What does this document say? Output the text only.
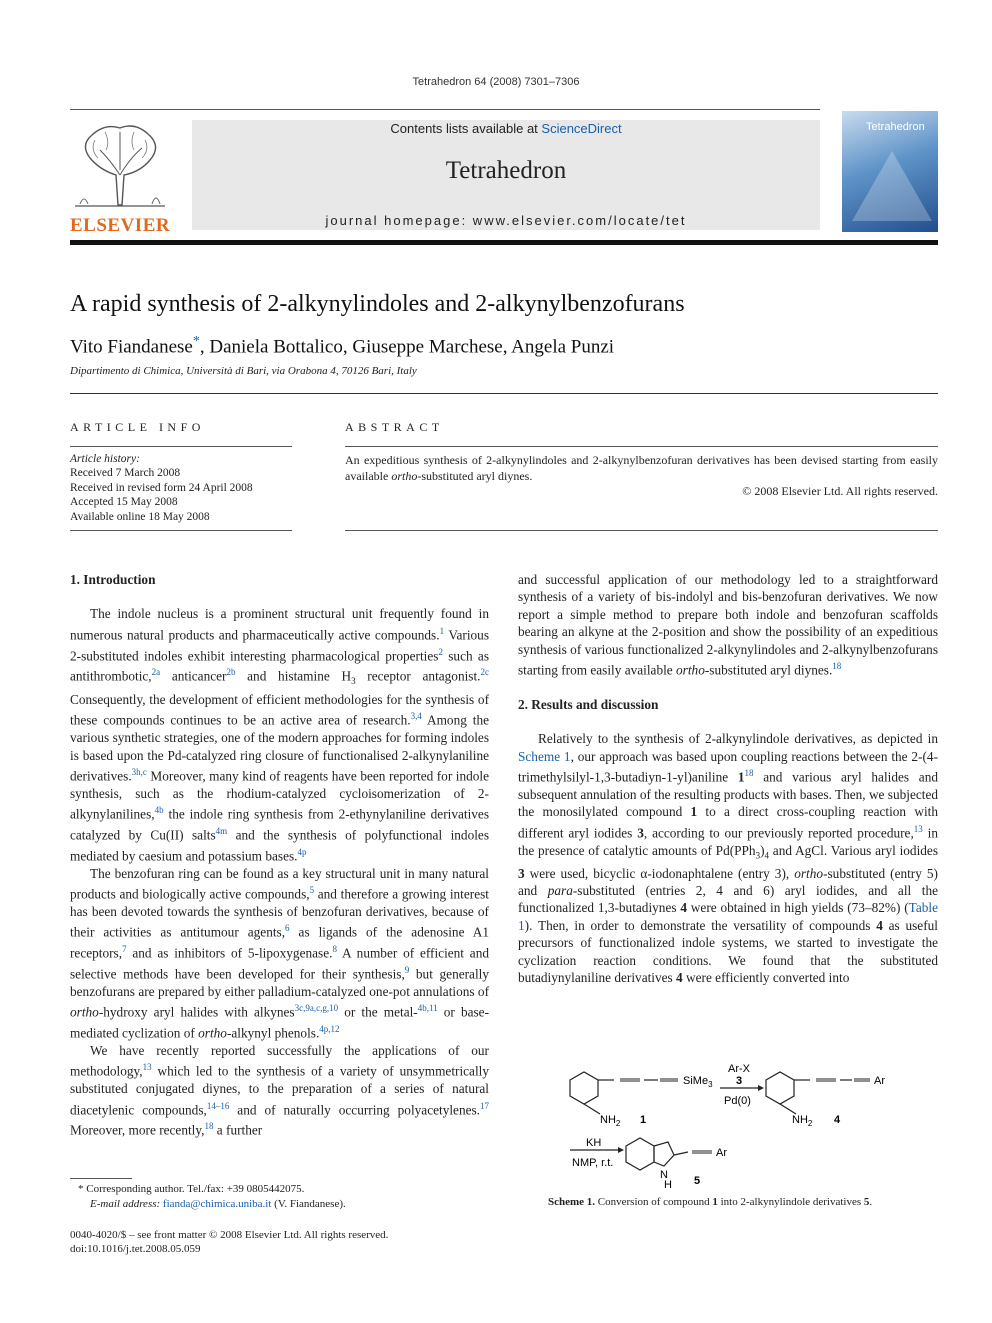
Tetrahedron 64 (2008) 7301–7306
ELSEVIER
Contents lists available at ScienceDirect
Tetrahedron
journal homepage: www.elsevier.com/locate/tet
Tetrahedron
A rapid synthesis of 2-alkynylindoles and 2-alkynylbenzofurans
Vito Fiandanese*, Daniela Bottalico, Giuseppe Marchese, Angela Punzi
Dipartimento di Chimica, Università di Bari, via Orabona 4, 70126 Bari, Italy
ARTICLE INFO	ABSTRACT
Article history:
Received 7 March 2008
Received in revised form 24 April 2008
Accepted 15 May 2008
Available online 18 May 2008
An expeditious synthesis of 2-alkynylindoles and 2-alkynylbenzofuran derivatives has been devised starting from easily available ortho-substituted aryl diynes.
© 2008 Elsevier Ltd. All rights reserved.

1. Introduction

The indole nucleus is a prominent structural unit frequently found in numerous natural products and pharmaceutically active compounds.$^1$ Various 2-substituted indoles exhibit interesting pharmacological properties$^2$ such as antithrombotic,$^{2a}$ anticancer$^{2b}$ and histamine $H_3$ receptor antagonist.$^{2c}$ Consequently, the development of efficient methodologies for the synthesis of these compounds continues to be an active area of research.$^{3,4}$ Among the various synthetic strategies, one of the modern approaches for forming indoles is based upon the Pd-catalyzed ring closure of functionalised 2-alkynylaniline derivatives.$^{3h,c}$ Moreover, many kind of reagents have been reported for indole synthesis, such as the rhodium-catalyzed cycloisomerization of 2-alkynylanilines,$^{4b}$ the indole ring synthesis from 2-ethynylaniline derivatives catalyzed by Cu(II) salts$^{4m}$ and the synthesis of polyfunctional indoles mediated by caesium and potassium bases.$^{4p}$

The benzofuran ring can be found as a key structural unit in many natural products and biologically active compounds,$^5$ and therefore a growing interest has been devoted towards the synthesis of benzofuran derivatives, because of their activities as antitumour agents,$^6$ as ligands of the adenosine A1 receptors,$^7$ and as inhibitors of 5-lipoxygenase.$^8$ A number of efficient and selective methods have been developed for their synthesis,$^9$ but generally benzofurans are prepared by either palladium-catalyzed one-pot annulations of ortho-hydroxy aryl halides with alkynes$^{3c,9a,c,g,10}$ or the metal-$^{4b,11}$ or base-mediated cyclization of ortho-alkynyl phenols.$^{4p,12}$

We have recently reported successfully the applications of our methodology,$^{13}$ which led to the synthesis of a variety of unsymmetrically substituted conjugated diynes, to the preparation of a series of natural diacetylenic compounds,$^{14-16}$ and of naturally occurring polyacetylenes.$^{17}$ Moreover, more recently,$^{18}$ a further

and successful application of our methodology led to a straightforward synthesis of a variety of bis-indolyl and bis-benzofuran derivatives. We now report a simple method to prepare both indole and benzofuran scaffolds bearing an alkyne at the 2-position and show the possibility of an expeditious synthesis of various functionalized 2-alkynylindoles and 2-alkynylbenzofurans starting from easily available ortho-substituted aryl diynes.$^{18}$

2. Results and discussion

Relatively to the synthesis of 2-alkynylindole derivatives, as depicted in Scheme 1, our approach was based upon coupling reactions between the 2-(4-trimethylsilyl-1,3-butadiyn-1-yl)aniline $1^{18}$ and various aryl halides and subsequent annulation of the resulting products with bases. Then, we subjected the monosilylated compound 1 to a direct cross-coupling reaction with different aryl iodides 3, according to our previously reported procedure,$^{13}$ in the presence of catalytic amounts of $Pd(PPh_3)_4$ and AgCl. Various aryl iodides 3 were used, bicyclic α-iodonaphtalene (entry 3), ortho-substituted (entry 5) and para-substituted (entries 2, 4 and 6) aryl iodides, and all the functionalized 1,3-butadiynes 4 were obtained in high yields (73–82%) (Table 1). Then, in order to demonstrate the versatility of compounds 4 as useful precursors of functionalized indole systems, we started to investigate the cyclization reaction conditions. We found that the substituted butadiynylaniline derivatives 4 were efficiently converted into

SiMe$_3$
$NH_2$ 1
Ar-X
3
Pd(0)
Ar
$NH_2$ 4
KH
NMP, r.t.
N
H
Ar
5
Scheme 1. Conversion of compound 1 into 2-alkynylindole derivatives 5.
* Corresponding author. Tel./fax: +39 0805442075.
E-mail address: fianda@chimica.uniba.it (V. Fiandanese).
0040-4020/$ – see front matter © 2008 Elsevier Ltd. All rights reserved.
doi:10.1016/j.tet.2008.05.059
